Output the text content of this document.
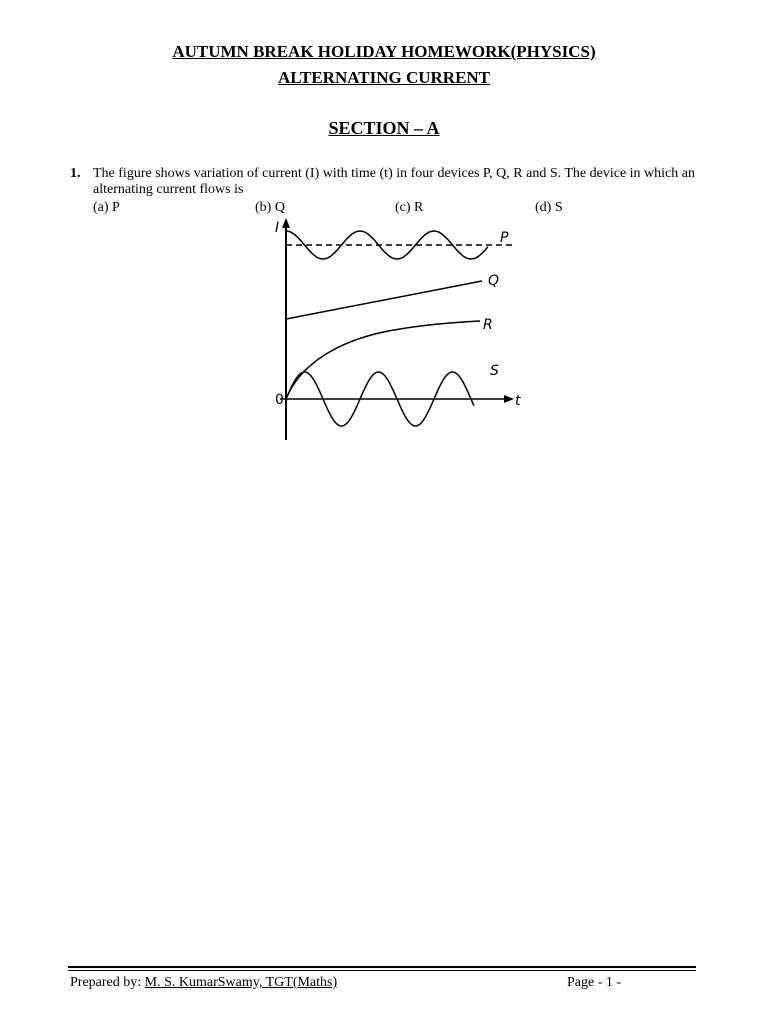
AUTUMN BREAK HOLIDAY HOMEWORK(PHYSICS)
ALTERNATING CURRENT
SECTION – A
1. The figure shows variation of current (I) with time (t) in four devices P, Q, R and S. The device in which an alternating current flows is
(a) P	(b) Q	(c) R	(d) S
I
t
0
P
Q
R
S
Prepared by: M. S. KumarSwamy, TGT(Maths)	Page - 1 -
